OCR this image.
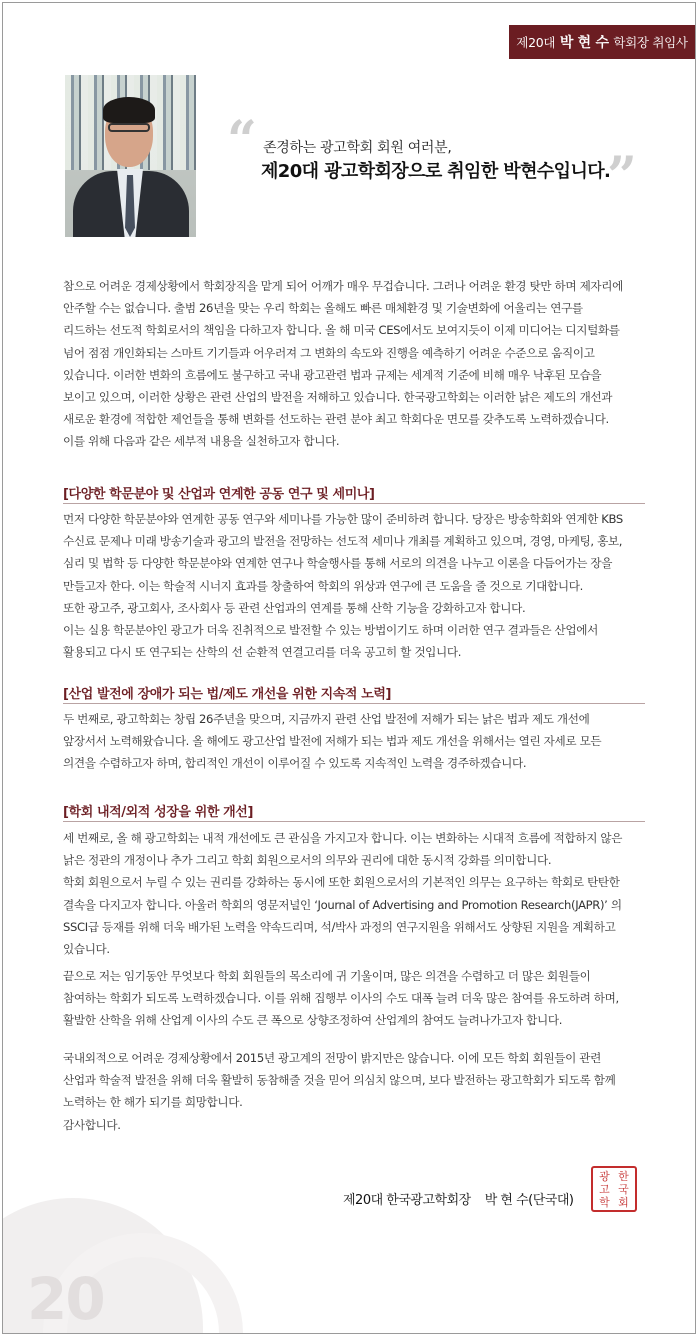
제20대
박 현 수
학회장 취임사
“ 존경하는 광고학회 회원 여러분,
제20대 광고학회장으로 취임한 박현수입니다.
”

참으로 어려운 경제상황에서 학회장직을 맡게 되어 어깨가 매우 무겁습니다. 그러나 어려운 환경 탓만 하며 제자리에
안주할 수는 없습니다. 출범 26년을 맞는 우리 학회는 올해도 빠른 매체환경 및 기술변화에 어울리는 연구를
리드하는 선도적 학회로서의 책임을 다하고자 합니다. 올 해 미국 CES에서도 보여지듯이 이제 미디어는 디지털화를
넘어 점점 개인화되는 스마트 기기들과 어우러져 그 변화의 속도와 진행을 예측하기 어려운 수준으로 움직이고
있습니다. 이러한 변화의 흐름에도 불구하고 국내 광고관련 법과 규제는 세계적 기준에 비해 매우 낙후된 모습을
보이고 있으며, 이러한 상황은 관련 산업의 발전을 저해하고 있습니다. 한국광고학회는 이러한 낡은 제도의 개선과
새로운 환경에 적합한 제언들을 통해 변화를 선도하는 관련 분야 최고 학회다운 면모를 갖추도록 노력하겠습니다.
이를 위해 다음과 같은 세부적 내용을 실천하고자 합니다.

[다양한 학문분야 및 산업과 연계한 공동 연구 및 세미나]

먼저 다양한 학문분야와 연계한 공동 연구와 세미나를 가능한 많이 준비하려 합니다. 당장은 방송학회와 연계한 KBS
수신료 문제나 미래 방송기술과 광고의 발전을 전망하는 선도적 세미나 개최를 계획하고 있으며, 경영, 마케팅, 홍보,
심리 및 법학 등 다양한 학문분야와 연계한 연구나 학술행사를 통해 서로의 의견을 나누고 이론을 다듬어가는 장을
만들고자 한다. 이는 학술적 시너지 효과를 창출하여 학회의 위상과 연구에 큰 도움을 줄 것으로 기대합니다.
또한 광고주, 광고회사, 조사회사 등 관련 산업과의 연계를 통해 산학 기능을 강화하고자 합니다.
이는 실용 학문분야인 광고가 더욱 진취적으로 발전할 수 있는 방법이기도 하며 이러한 연구 결과들은 산업에서
활용되고 다시 또 연구되는 산학의 선 순환적 연결고리를 더욱 공고히 할 것입니다.

[산업 발전에 장애가 되는 법/제도 개선을 위한 지속적 노력]

두 번째로, 광고학회는 창립 26주년을 맞으며, 지금까지 관련 산업 발전에 저해가 되는 낡은 법과 제도 개선에
앞장서서 노력해왔습니다. 올 해에도 광고산업 발전에 저해가 되는 법과 제도 개선을 위해서는 열린 자세로 모든
의견을 수렴하고자 하며, 합리적인 개선이 이루어질 수 있도록 지속적인 노력을 경주하겠습니다.

[학회 내적/외적 성장을 위한 개선]

세 번째로, 올 해 광고학회는 내적 개선에도 큰 관심을 가지고자 합니다. 이는 변화하는 시대적 흐름에 적합하지 않은
낡은 정관의 개정이나 추가 그리고 학회 회원으로서의 의무와 권리에 대한 동시적 강화를 의미합니다.
학회 회원으로서 누릴 수 있는 권리를 강화하는 동시에 또한 회원으로서의 기본적인 의무는 요구하는 학회로 탄탄한
결속을 다지고자 합니다. 아울러 학회의 영문저널인 ‘Journal of Advertising and Promotion Research(JAPR)’ 의
SSCI급 등재를 위해 더욱 배가된 노력을 약속드리며, 석/박사 과정의 연구지원을 위해서도 상향된 지원을 계획하고
있습니다.

끝으로 저는 임기동안 무엇보다 학회 회원들의 목소리에 귀 기울이며, 많은 의견을 수렴하고 더 많은 회원들이
참여하는 학회가 되도록 노력하겠습니다. 이를 위해 집행부 이사의 수도 대폭 늘려 더욱 많은 참여를 유도하려 하며,
활발한 산학을 위해 산업계 이사의 수도 큰 폭으로 상향조정하여 산업계의 참여도 늘려나가고자 합니다.

국내외적으로 어려운 경제상황에서 2015년 광고계의 전망이 밝지만은 않습니다. 이에 모든 학회 회원들이 관련
산업과 학술적 발전을 위해 더욱 활발히 동참해줄 것을 믿어 의심치 않으며, 보다 발전하는 광고학회가 되도록 함께
노력하는 한 해가 되기를 희망합니다.
감사합니다.

20
제20대 한국광고학회장 박 현 수(단국대)
광 한
고 국
학 회
